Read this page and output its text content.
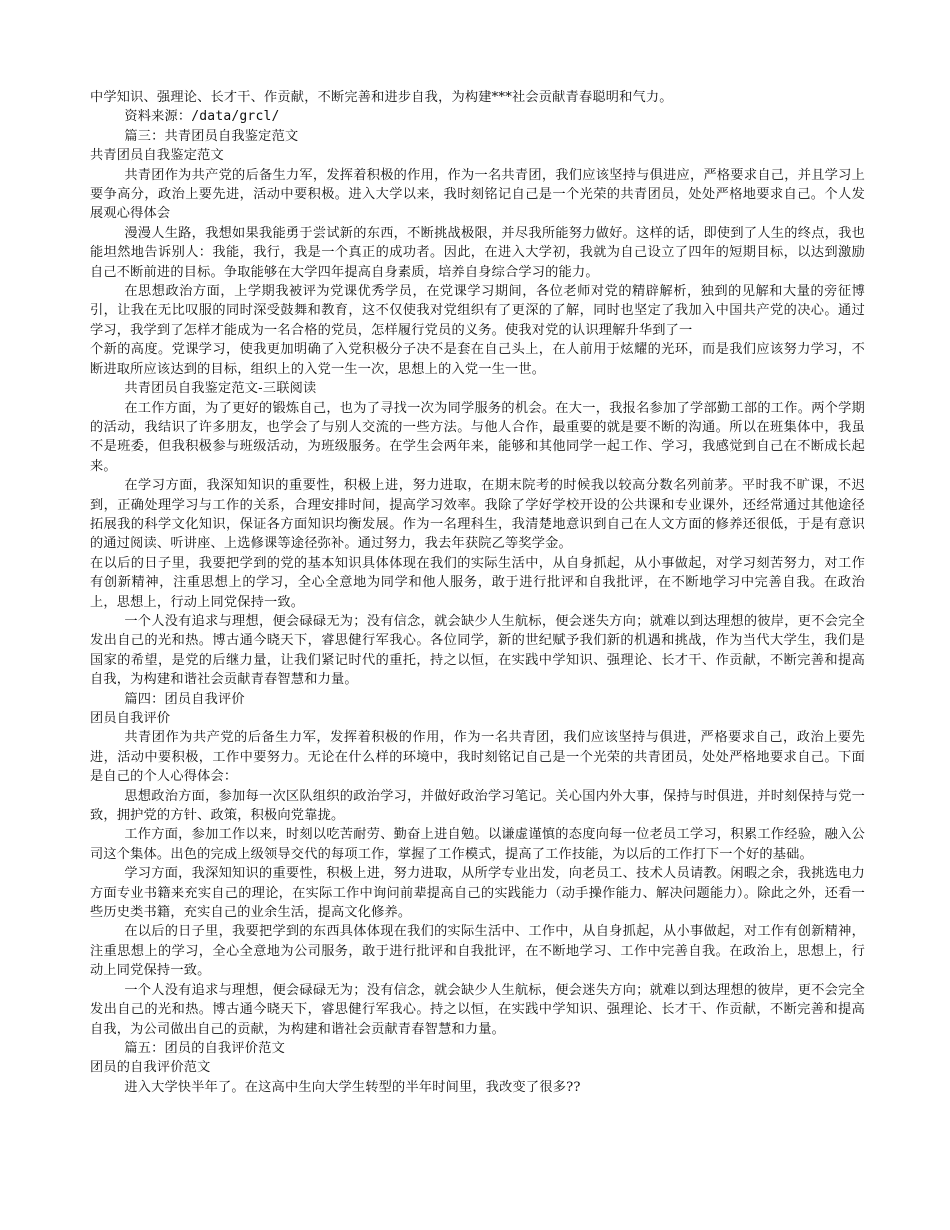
中学知识、强理论、长才干、作贡献，不断完善和进步自我，为构建***社会贡献青春聪明和气力。

资料来源：/data/grcl/

篇三：共青团员自我鉴定范文

共青团员自我鉴定范文

共青团作为共产党的后备生力军，发挥着积极的作用，作为一名共青团，我们应该坚持与俱进应，严格要求自己，并且学习上要争高分，政治上要先进，活动中要积极。进入大学以来，我时刻铭记自己是一个光荣的共青团员，处处严格地要求自己。个人发展观心得体会

漫漫人生路，我想如果我能勇于尝试新的东西，不断挑战极限，并尽我所能努力做好。这样的话，即使到了人生的终点，我也能坦然地告诉别人：我能，我行，我是一个真正的成功者。因此，在进入大学初，我就为自己设立了四年的短期目标，以达到激励自己不断前进的目标。争取能够在大学四年提高自身素质，培养自身综合学习的能力。

在思想政治方面，上学期我被评为党课优秀学员，在党课学习期间，各位老师对党的精辟解析，独到的见解和大量的旁征博引，让我在无比叹服的同时深受鼓舞和教育，这不仅使我对党组织有了更深的了解，同时也坚定了我加入中国共产党的决心。通过学习，我学到了怎样才能成为一名合格的党员，怎样履行党员的义务。使我对党的认识理解升华到了一

个新的高度。党课学习，使我更加明确了入党积极分子决不是套在自己头上，在人前用于炫耀的光环，而是我们应该努力学习，不断进取所应该达到的目标，组织上的入党一生一次，思想上的入党一生一世。

共青团员自我鉴定范文-三联阅读

在工作方面，为了更好的锻炼自己，也为了寻找一次为同学服务的机会。在大一，我报名参加了学部勤工部的工作。两个学期的活动，我结识了许多朋友，也学会了与别人交流的一些方法。与他人合作，最重要的就是要不断的沟通。所以在班集体中，我虽不是班委，但我积极参与班级活动，为班级服务。在学生会两年来，能够和其他同学一起工作、学习，我感觉到自己在不断成长起来。

在学习方面，我深知知识的重要性，积极上进，努力进取，在期末院考的时候我以较高分数名列前茅。平时我不旷课，不迟到，正确处理学习与工作的关系，合理安排时间，提高学习效率。我除了学好学校开设的公共课和专业课外，还经常通过其他途径拓展我的科学文化知识，保证各方面知识均衡发展。作为一名理科生，我清楚地意识到自己在人文方面的修养还很低，于是有意识的通过阅读、听讲座、上选修课等途径弥补。通过努力，我去年获院乙等奖学金。

在以后的日子里，我要把学到的党的基本知识具体体现在我们的实际生活中，从自身抓起，从小事做起，对学习刻苦努力，对工作有创新精神，注重思想上的学习，全心全意地为同学和他人服务，敢于进行批评和自我批评，在不断地学习中完善自我。在政治上，思想上，行动上同党保持一致。

一个人没有追求与理想，便会碌碌无为；没有信念，就会缺少人生航标，便会迷失方向；就难以到达理想的彼岸，更不会完全发出自己的光和热。博古通今晓天下，睿思健行军我心。各位同学，新的世纪赋予我们新的机遇和挑战，作为当代大学生，我们是国家的希望，是党的后继力量，让我们紧记时代的重托，持之以恒，在实践中学知识、强理论、长才干、作贡献，不断完善和提高自我，为构建和谐社会贡献青春智慧和力量。

篇四：团员自我评价

团员自我评价

共青团作为共产党的后备生力军，发挥着积极的作用，作为一名共青团，我们应该坚持与俱进，严格要求自己，政治上要先进，活动中要积极，工作中要努力。无论在什么样的环境中，我时刻铭记自己是一个光荣的共青团员，处处严格地要求自己。下面是自己的个人心得体会：

思想政治方面，参加每一次区队组织的政治学习，并做好政治学习笔记。关心国内外大事，保持与时俱进，并时刻保持与党一致，拥护党的方针、政策，积极向党靠拢。

工作方面，参加工作以来，时刻以吃苦耐劳、勤奋上进自勉。以谦虚谨慎的态度向每一位老员工学习，积累工作经验，融入公司这个集体。出色的完成上级领导交代的每项工作，掌握了工作模式，提高了工作技能，为以后的工作打下一个好的基础。

学习方面，我深知知识的重要性，积极上进，努力进取，从所学专业出发，向老员工、技术人员请教。闲暇之余，我挑选电力方面专业书籍来充实自己的理论，在实际工作中询问前辈提高自己的实践能力（动手操作能力、解决问题能力）。除此之外，还看一些历史类书籍，充实自己的业余生活，提高文化修养。

在以后的日子里，我要把学到的东西具体体现在我们的实际生活中、工作中，从自身抓起，从小事做起，对工作有创新精神，注重思想上的学习，全心全意地为公司服务，敢于进行批评和自我批评，在不断地学习、工作中完善自我。在政治上，思想上，行动上同党保持一致。

一个人没有追求与理想，便会碌碌无为；没有信念，就会缺少人生航标，便会迷失方向；就难以到达理想的彼岸，更不会完全发出自己的光和热。博古通今晓天下，睿思健行军我心。持之以恒，在实践中学知识、强理论、长才干、作贡献，不断完善和提高自我，为公司做出自己的贡献，为构建和谐社会贡献青春智慧和力量。

篇五：团员的自我评价范文

团员的自我评价范文

进入大学快半年了。在这高中生向大学生转型的半年时间里，我改变了很多??
